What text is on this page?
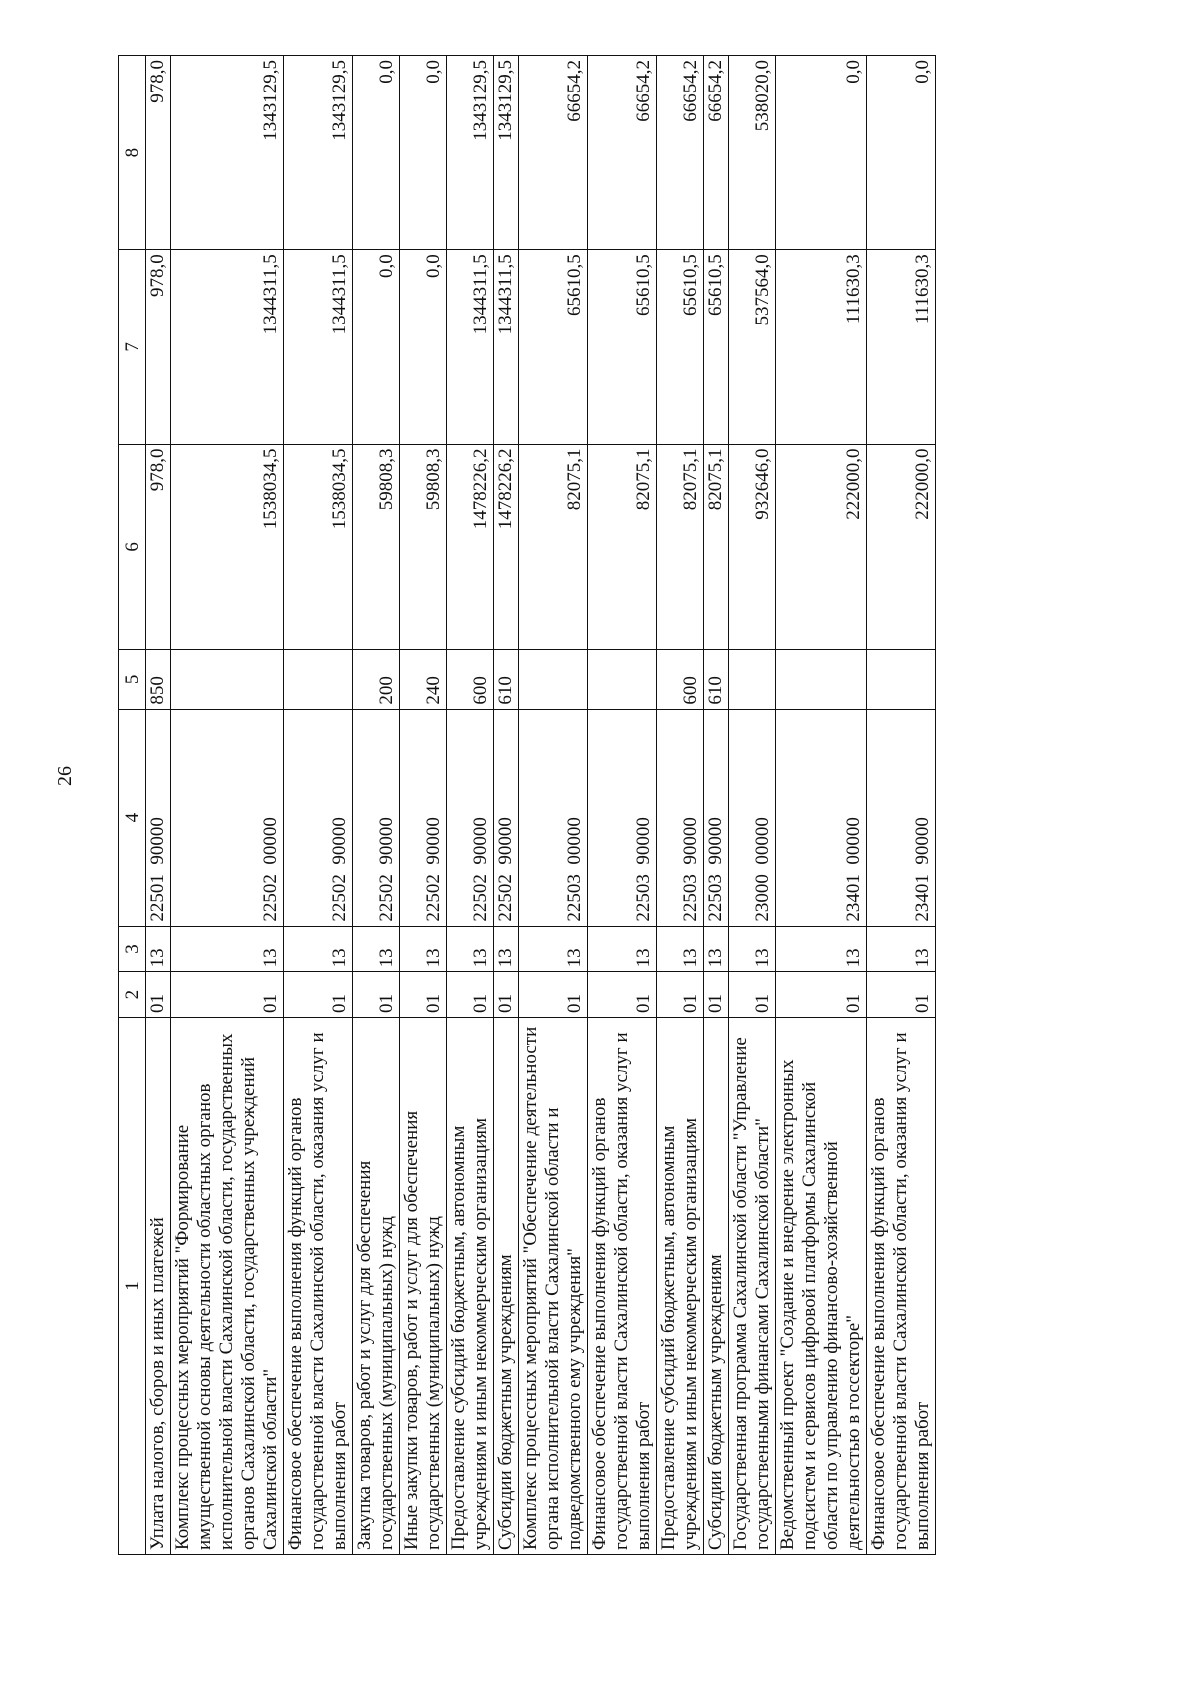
26
1	2	3	4	5	6	7	8
Уплата налогов, сборов и иных платежей	01	13	22501  90000	850	978,0	978,0	978,0
Комплекс процессных мероприятий "Формирование имущественной основы деятельности областных органов исполнительной власти Сахалинской области, государственных органов Сахалинской области, государственных учреждений Сахалинской области"	01	13	22502  00000		1538034,5	1344311,5	1343129,5
Финансовое обеспечение выполнения функций органов государственной власти Сахалинской области, оказания услуг и выполнения работ	01	13	22502  90000		1538034,5	1344311,5	1343129,5
Закупка товаров, работ и услуг для обеспечения государственных (муниципальных) нужд	01	13	22502  90000	200	59808,3	0,0	0,0
Иные закупки товаров, работ и услуг для обеспечения государственных (муниципальных) нужд	01	13	22502  90000	240	59808,3	0,0	0,0
Предоставление субсидий бюджетным, автономным учреждениям и иным некоммерческим организациям	01	13	22502  90000	600	1478226,2	1344311,5	1343129,5
Субсидии бюджетным учреждениям	01	13	22502  90000	610	1478226,2	1344311,5	1343129,5
Комплекс процессных мероприятий "Обеспечение деятельности органа исполнительной власти Сахалинской области и подведомственного ему учреждения"	01	13	22503  00000		82075,1	65610,5	66654,2
Финансовое обеспечение выполнения функций органов государственной власти Сахалинской области, оказания услуг и выполнения работ	01	13	22503  90000		82075,1	65610,5	66654,2
Предоставление субсидий бюджетным, автономным учреждениям и иным некоммерческим организациям	01	13	22503  90000	600	82075,1	65610,5	66654,2
Субсидии бюджетным учреждениям	01	13	22503  90000	610	82075,1	65610,5	66654,2
Государственная программа Сахалинской области "Управление государственными финансами Сахалинской области"	01	13	23000  00000		932646,0	537564,0	538020,0
Ведомственный проект "Создание и внедрение электронных подсистем и сервисов цифровой платформы Сахалинской области по управлению финансово-хозяйственной деятельностью в госсекторе"	01	13	23401  00000		222000,0	111630,3	0,0
Финансовое обеспечение выполнения функций органов государственной власти Сахалинской области, оказания услуг и выполнения работ	01	13	23401  90000		222000,0	111630,3	0,0
